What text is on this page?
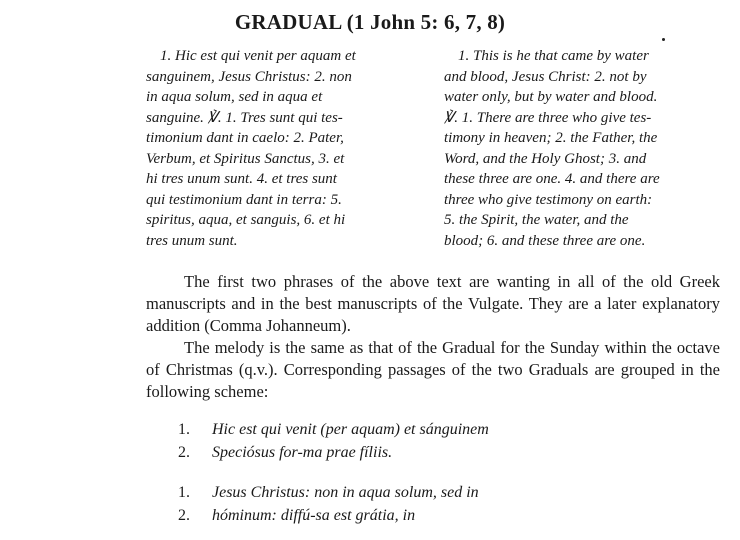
GRADUAL (1 John 5: 6, 7, 8)
1. Hic est qui venit per aquam et
sanguinem, Jesus Christus: 2. non
in aqua solum, sed in aqua et
sanguine. ℣. 1. Tres sunt qui tes-
timonium dant in caelo: 2. Pater,
Verbum, et Spiritus Sanctus, 3. et
hi tres unum sunt. 4. et tres sunt
qui testimonium dant in terra: 5.
spiritus, aqua, et sanguis, 6. et hi
tres unum sunt.
1. This is he that came by water
and blood, Jesus Christ: 2. not by
water only, but by water and blood.
℣. 1. There are three who give tes-
timony in heaven; 2. the Father, the
Word, and the Holy Ghost; 3. and
these three are one. 4. and there are
three who give testimony on earth:
5. the Spirit, the water, and the
blood; 6. and these three are one.

The first two phrases of the above text are wanting in all of the old Greek manuscripts and in the best manuscripts of the Vulgate. They are a later explanatory addition (Comma Johanneum).

The melody is the same as that of the Gradual for the Sunday within the octave of Christmas (q.v.). Corresponding passages of the two Graduals are grouped in the following scheme:

1.	Hic est qui venit (per aquam) et sánguinem
2.	Speciósus for-ma prae fíliis.
1.	Jesus Christus: non in aqua solum, sed in
2.	hóminum: diffú-sa est grátia, in
